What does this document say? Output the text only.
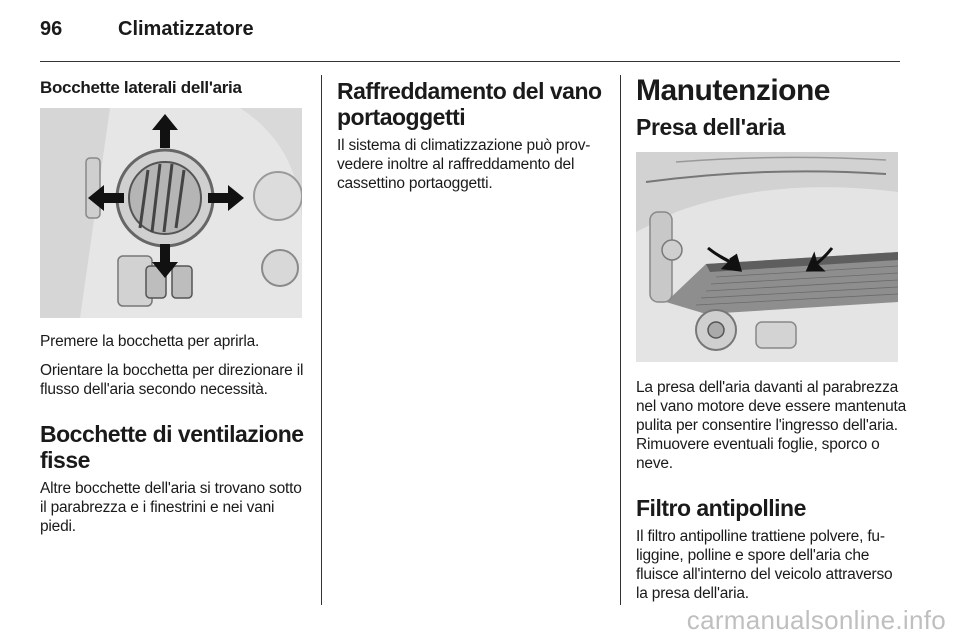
96	Climatizzatore
Bocchette laterali dell'aria

Premere la bocchetta per aprirla.

Orientare la bocchetta per direzionare il flusso dell'aria secondo necessità.

Bocchette di ventilazione fisse

Altre bocchette dell'aria si trovano sotto il parabrezza e i finestrini e nei vani piedi.

Raffreddamento del vano portaoggetti

Il sistema di climatizzazione può provvedere inoltre al raffreddamento del cassettino portaoggetti.

Manutenzione
Presa dell'aria

La presa dell'aria davanti al parabrezza nel vano motore deve essere mantenuta pulita per consentire l'ingresso dell'aria. Rimuovere eventuali foglie, sporco o neve.

Filtro antipolline

Il filtro antipolline trattiene polvere, fuliggine, polline e spore dell'aria che fluisce all'interno del veicolo attraverso la presa dell'aria.

carmanualsonline.info
